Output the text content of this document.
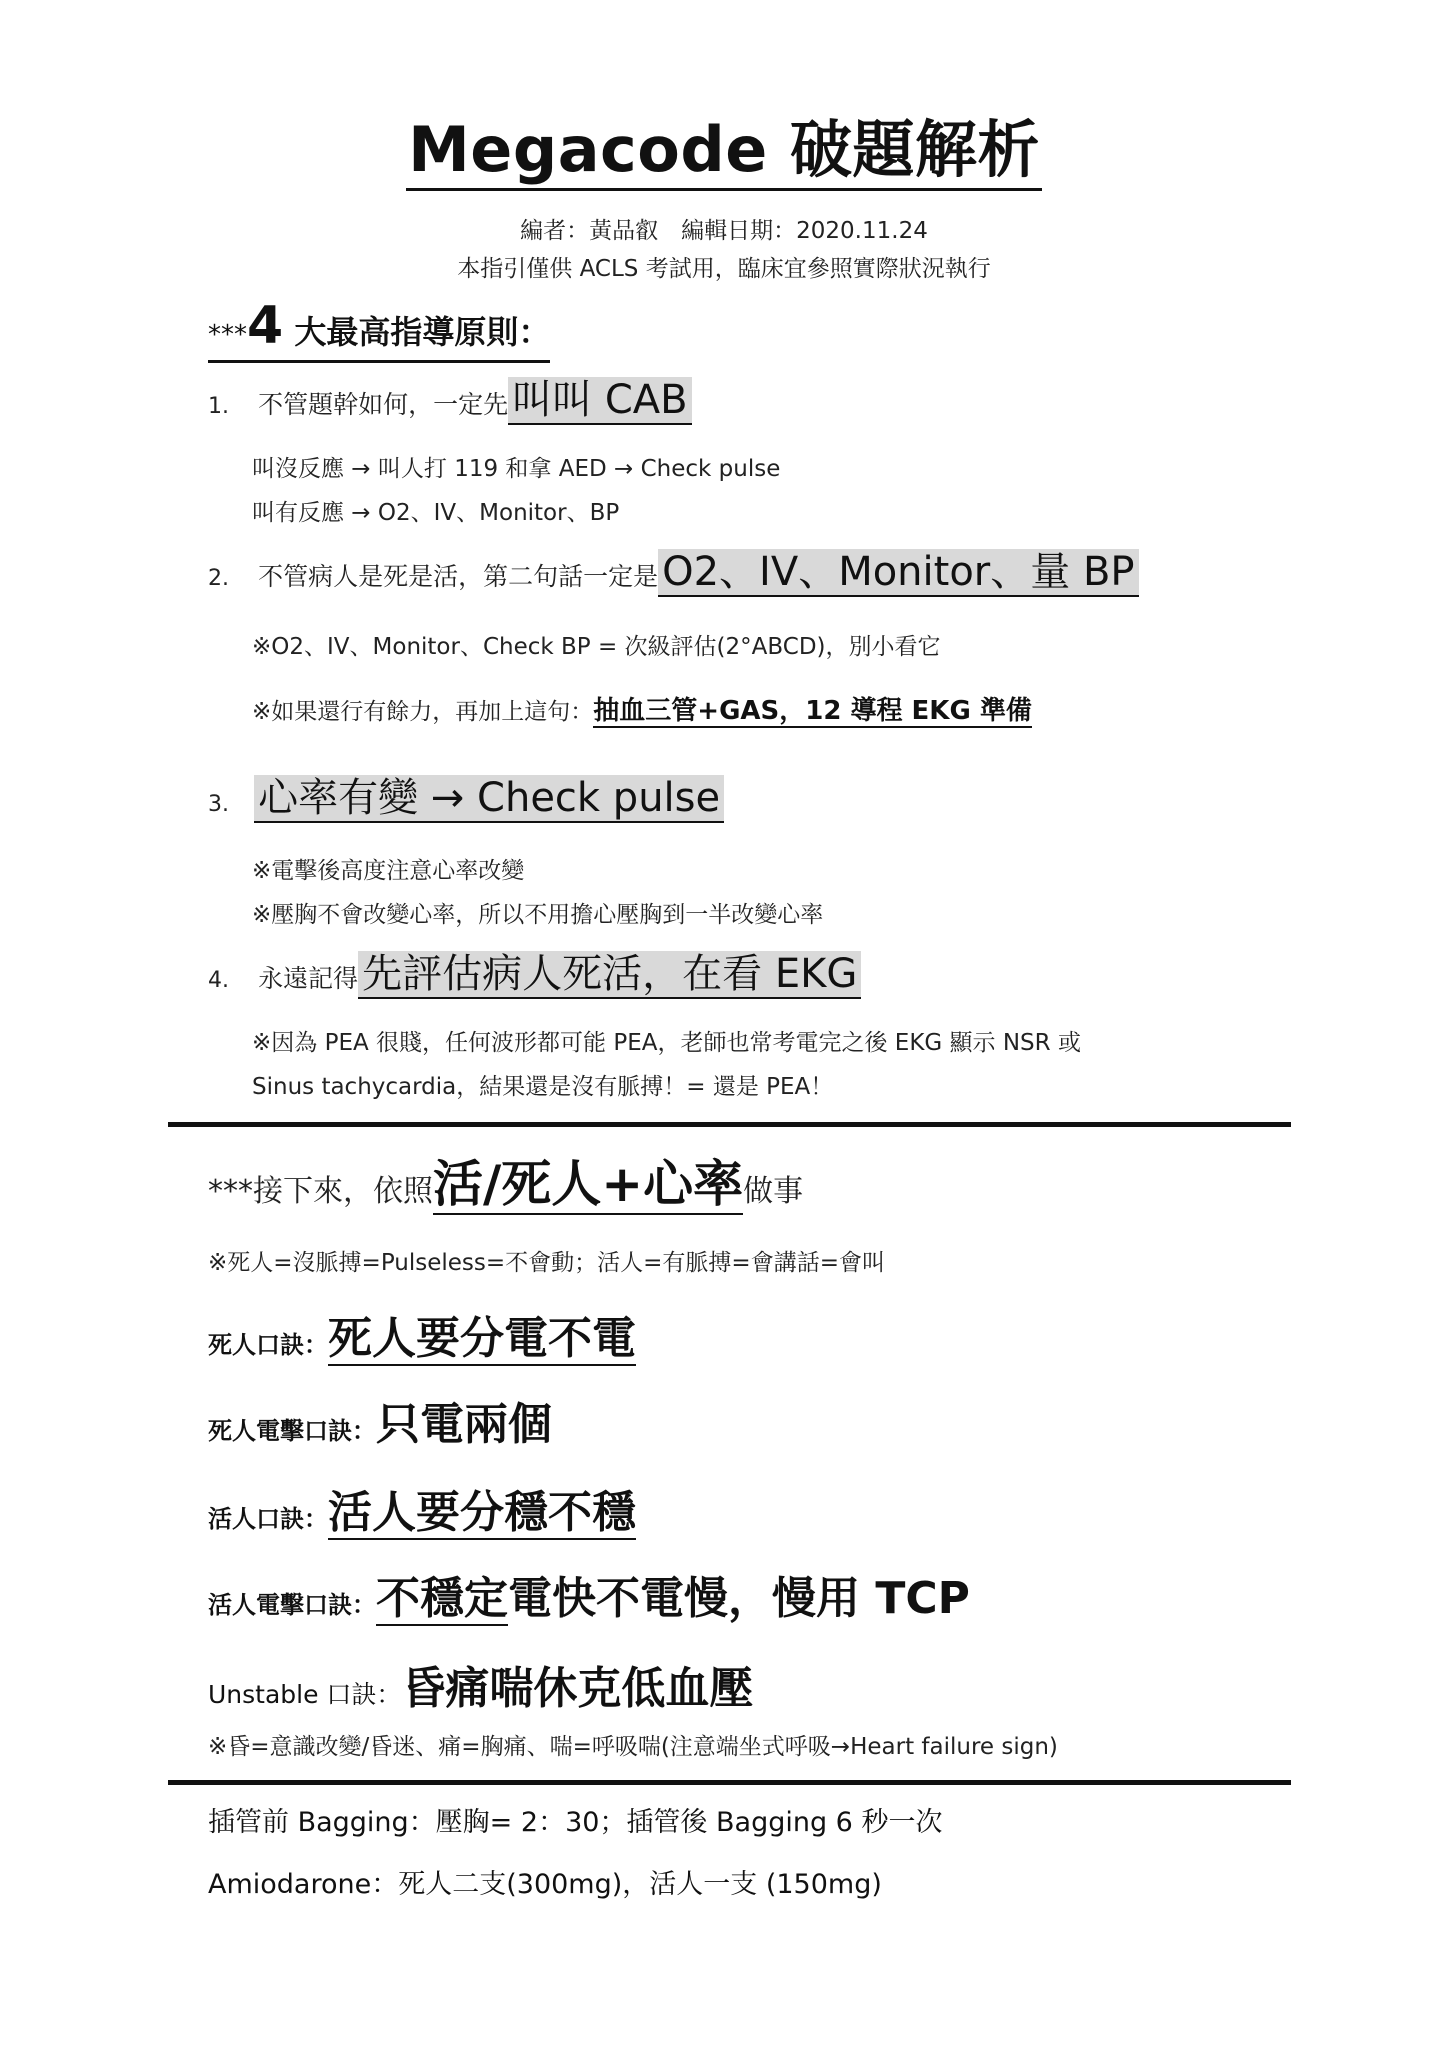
Megacode 破題解析
編者：黃品叡　編輯日期：2020.11.24
本指引僅供 ACLS 考試用，臨床宜參照實際狀況執行
***4 大最高指導原則：
1. 不管題幹如何，一定先 叫叫 CAB
叫沒反應 → 叫人打 119 和拿 AED → Check pulse
叫有反應 → O2、IV、Monitor、BP
2. 不管病人是死是活，第二句話一定是 O2、IV、Monitor、量 BP
※O2、IV、Monitor、Check BP = 次級評估(2°ABCD)，別小看它
※如果還行有餘力，再加上這句：抽血三管+GAS，12 導程 EKG 準備
3. 心率有變 → Check pulse
※電擊後高度注意心率改變
※壓胸不會改變心率，所以不用擔心壓胸到一半改變心率
4. 永遠記得 先評估病人死活，在看 EKG
※因為 PEA 很賤，任何波形都可能 PEA，老師也常考電完之後 EKG 顯示 NSR 或
Sinus tachycardia，結果還是沒有脈搏！= 還是 PEA！
***接下來，依照活/死人+心率做事
※死人=沒脈搏=Pulseless=不會動；活人=有脈搏=會講話=會叫
死人口訣：死人要分電不電
死人電擊口訣：只電兩個
活人口訣：活人要分穩不穩
活人電擊口訣：不穩定電快不電慢，慢用 TCP
Unstable 口訣：昏痛喘休克低血壓
※昏=意識改變/昏迷、痛=胸痛、喘=呼吸喘(注意端坐式呼吸→Heart failure sign)
插管前 Bagging：壓胸= 2：30；插管後 Bagging 6 秒一次
Amiodarone：死人二支(300mg)，活人一支 (150mg)
